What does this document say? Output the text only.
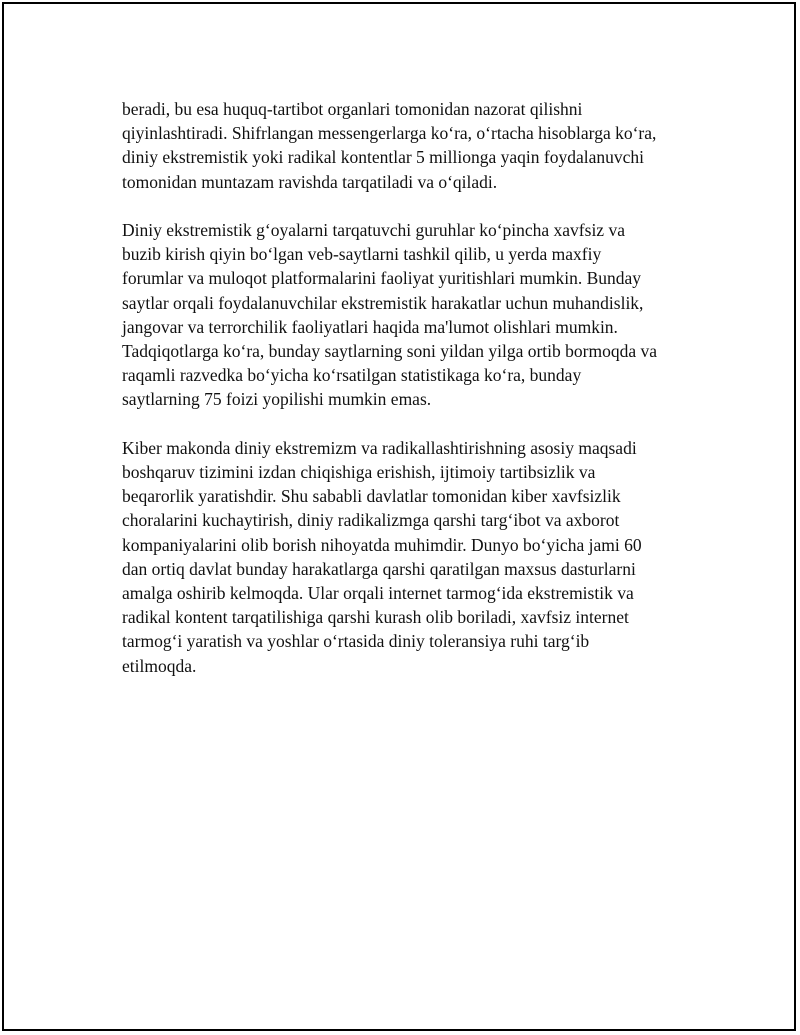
beradi, bu esa huquq-tartibot organlari tomonidan nazorat qilishni
qiyinlashtiradi. Shifrlangan messengerlarga ko‘ra, o‘rtacha hisoblarga ko‘ra,
diniy ekstremistik yoki radikal kontentlar 5 millionga yaqin foydalanuvchi
tomonidan muntazam ravishda tarqatiladi va o‘qiladi.

Diniy ekstremistik g‘oyalarni tarqatuvchi guruhlar ko‘pincha xavfsiz va
buzib kirish qiyin bo‘lgan veb-saytlarni tashkil qilib, u yerda maxfiy
forumlar va muloqot platformalarini faoliyat yuritishlari mumkin. Bunday
saytlar orqali foydalanuvchilar ekstremistik harakatlar uchun muhandislik,
jangovar va terrorchilik faoliyatlari haqida ma'lumot olishlari mumkin.
Tadqiqotlarga ko‘ra, bunday saytlarning soni yildan yilga ortib bormoqda va
raqamli razvedka bo‘yicha ko‘rsatilgan statistikaga ko‘ra, bunday
saytlarning 75 foizi yopilishi mumkin emas.

Kiber makonda diniy ekstremizm va radikallashtirishning asosiy maqsadi
boshqaruv tizimini izdan chiqishiga erishish, ijtimoiy tartibsizlik va
beqarorlik yaratishdir. Shu sababli davlatlar tomonidan kiber xavfsizlik
choralarini kuchaytirish, diniy radikalizmga qarshi targ‘ibot va axborot
kompaniyalarini olib borish nihoyatda muhimdir. Dunyo bo‘yicha jami 60
dan ortiq davlat bunday harakatlarga qarshi qaratilgan maxsus dasturlarni
amalga oshirib kelmoqda. Ular orqali internet tarmog‘ida ekstremistik va
radikal kontent tarqatilishiga qarshi kurash olib boriladi, xavfsiz internet
tarmog‘i yaratish va yoshlar o‘rtasida diniy toleransiya ruhi targ‘ib
etilmoqda.
